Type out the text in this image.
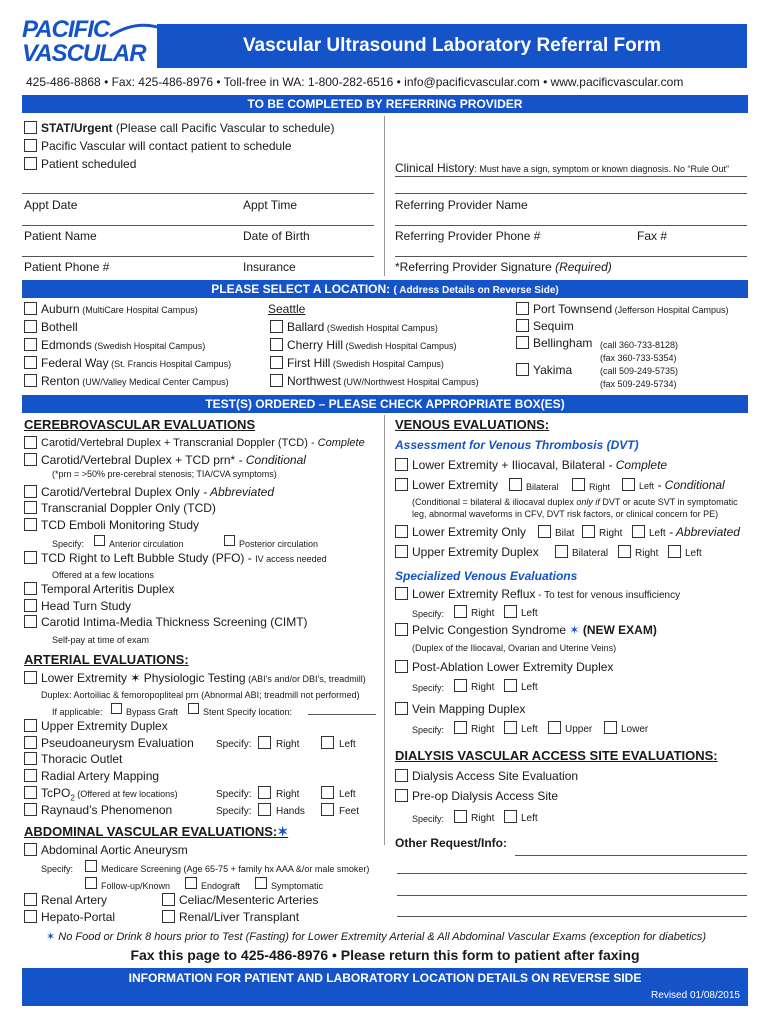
PACIFIC
VASCULAR	Vascular Ultrasound Laboratory Referral Form
425-486-8868 • Fax: 425-486-8976 • Toll-free in WA: 1-800-282-6516 • info@pacificvascular.com • www.pacificvascular.com
TO BE COMPLETED BY REFERRING PROVIDER
STAT/Urgent (Please call Pacific Vascular to schedule)
Pacific Vascular will contact patient to schedule
Patient scheduled	Clinical History: Must have a sign, symptom or known diagnosis. No “Rule Out”
Appt Date	Appt Time	Referring Provider Name
Patient Name	Date of Birth	Referring Provider Phone #	Fax #
Patient Phone #	Insurance	*Referring Provider Signature (Required)
PLEASE SELECT A LOCATION: ( Address Details on Reverse Side)
Auburn (MultiCare Hospital Campus)
Bothell
Edmonds (Swedish Hospital Campus)
Federal Way (St. Francis Hospital Campus)
Renton (UW/Valley Medical Center Campus)
Seattle
Ballard (Swedish Hospital Campus)
Cherry Hill (Swedish Hospital Campus)
First Hill (Swedish Hospital Campus)
Northwest (UW/Northwest Hospital Campus)
Port Townsend (Jefferson Hospital Campus)
Sequim
Bellingham (call 360-733-8128)
(fax 360-733-5354)
Yakima	(call 509-249-5735)
(fax 509-249-5734)
TEST(S) ORDERED – PLEASE CHECK APPROPRIATE BOX(ES)
CEREBROVASCULAR EVALUATIONS
Carotid/Vertebral Duplex + Transcranial Doppler (TCD) - Complete
Carotid/Vertebral Duplex + TCD prn* - Conditional
(*prn = >50% pre-cerebral stenosis; TIA/CVA symptoms)
Carotid/Vertebral Duplex Only - Abbreviated
Transcranial Doppler Only (TCD)
TCD Emboli Monitoring Study
Specify:	Anterior circulation	Posterior circulation
TCD Right to Left Bubble Study (PFO) - IV access needed
Offered at a few locations
Temporal Arteritis Duplex
Head Turn Study
Carotid Intima-Media Thickness Screening (CIMT)
Self-pay at time of exam
ARTERIAL EVALUATIONS:
Lower Extremity ✶ Physiologic Testing (ABI’s and/or DBI’s, treadmill)
Duplex: Aortoiliac & femoropopliteal prn (Abnormal ABI; treadmill not performed)
If applicable:	Bypass Graft	Stent Specify location:
Upper Extremity Duplex
Pseudoaneurysm Evaluation Specify: Right	Left
Thoracic Outlet
Radial Artery Mapping
TcPO$_2$ (Offered at few locations)	Specify: Right	Left
Raynaud’s Phenomenon	Specify: Hands	Feet
ABDOMINAL VASCULAR EVALUATIONS:✶
Abdominal Aortic Aneurysm
Specify:	Medicare Screening (Age 65-75 + family hx AAA &/or male smoker)
Follow-up/Known	Endograft	Symptomatic
Renal Artery	Celiac/Mesenteric Arteries
Hepato-Portal	Renal/Liver Transplant
VENOUS EVALUATIONS:
Assessment for Venous Thrombosis (DVT)
Lower Extremity + Iliocaval, Bilateral - Complete
Lower Extremity	Bilateral	Right	Left - Conditional
(Conditional = bilateral & iliocaval duplex only if DVT or acute SVT in symptomatic
leg, abnormal waveforms in CFV, DVT risk factors, or clinical concern for PE)
Lower Extremity Only	Bilat Right	Left - Abbreviated
Upper Extremity Duplex	Bilateral	Right	Left
Specialized Venous Evaluations
Lower Extremity Reflux - To test for venous insufficiency
Specify:	Right	Left
Pelvic Congestion Syndrome ✶ (NEW EXAM)
(Duplex of the Iliocaval, Ovarian and Uterine Veins)
Post-Ablation Lower Extremity Duplex
Specify:	Right	Left
Vein Mapping Duplex
Specify:	Right	Left	Upper	Lower
DIALYSIS VASCULAR ACCESS SITE EVALUATIONS:
Dialysis Access Site Evaluation
Pre-op Dialysis Access Site
Specify:	Right	Left
Other Request/Info:
✶ No Food or Drink 8 hours prior to Test (Fasting) for Lower Extremity Arterial & All Abdominal Vascular Exams (exception for diabetics)
Fax this page to 425-486-8976 • Please return this form to patient after faxing
INFORMATION FOR PATIENT AND LABORATORY LOCATION DETAILS ON REVERSE SIDE
Revised 01/08/2015
